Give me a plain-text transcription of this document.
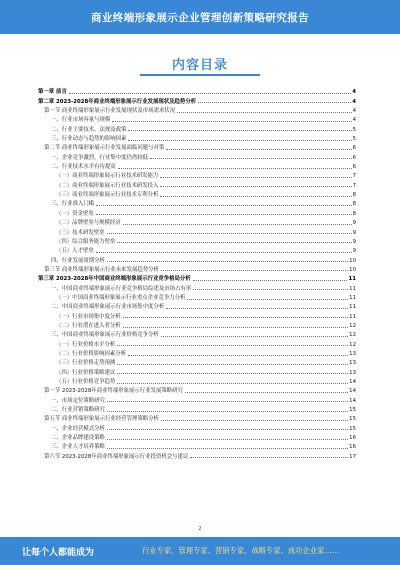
商业终端形象展示企业管理创新策略研究报告
内容目录
第一章 前言	4
第二章 2023-2028年商业终端形象展示行业发展现状及趋势分析	4
第一节 商业终端形象展示行业发展现状及市场需求状况	4
一、行业市场容量与规模	4
二、行业主要技术、法规及政策	5
三、行业动态与趋势的影响因素	5
第二节 商业终端形象展示行业发展面临问题与对策	6
一、企业竞争激烈，行业集中度仍然较低	6
二、行业技术水平有待提高	6
（一）商业终端形象展示行业技术研发能力	7
（二）商业终端形象展示行业技术研发投入	7
（三）商业终端形象展示行业技术专利分析	8
三、行业准入门槛	8
（一）资金壁垒	8
（二）品牌壁垒与规模经济	9
（三）技术研发壁垒	9
（四）综合服务能力壁垒	9
（五）人才壁垒	9
四、行业发展周期分析	10
第三节 商业终端形象展示行业未来发展趋势分析	10
第三章 2023-2028年中国商业终端形象展示行业竞争格局分析	11
一、中国商业终端形象展示行业竞争格局综述及市场占有率	11
（一）中国商业终端形象展示行业重点企业竞争力分析	11
二、中国商业终端形象展示行业市场集中度分析	11
（一）行业市场集中度分析	11
（二）行业潜在进入者分析	12
三、中国商业终端形象展示行业价格竞争分析	12
（一）行业价格水平分析	12
（二）行业价格影响因素分析	13
（三）行业价格走势预测	13
（四）行业价格策略建议	13
（五）行业价格竞争趋势	14
第一节 2023-2028年商业终端形象展示行业发展策略研究	14
一、市场定位策略研究	14
二、行业营销策略研究	15
第五节 商业终端形象展示行业经营管理策略分析	15
一、企业经营模式分析	15
二、企业品牌建设策略	16
三、企业人才培养策略	16
第六节 2023-2028年商业终端形象展示行业投资机会与建议	17
2
让每个人都能成为	行业专家、管理专家、营销专家、战略专家、成功企业家……
